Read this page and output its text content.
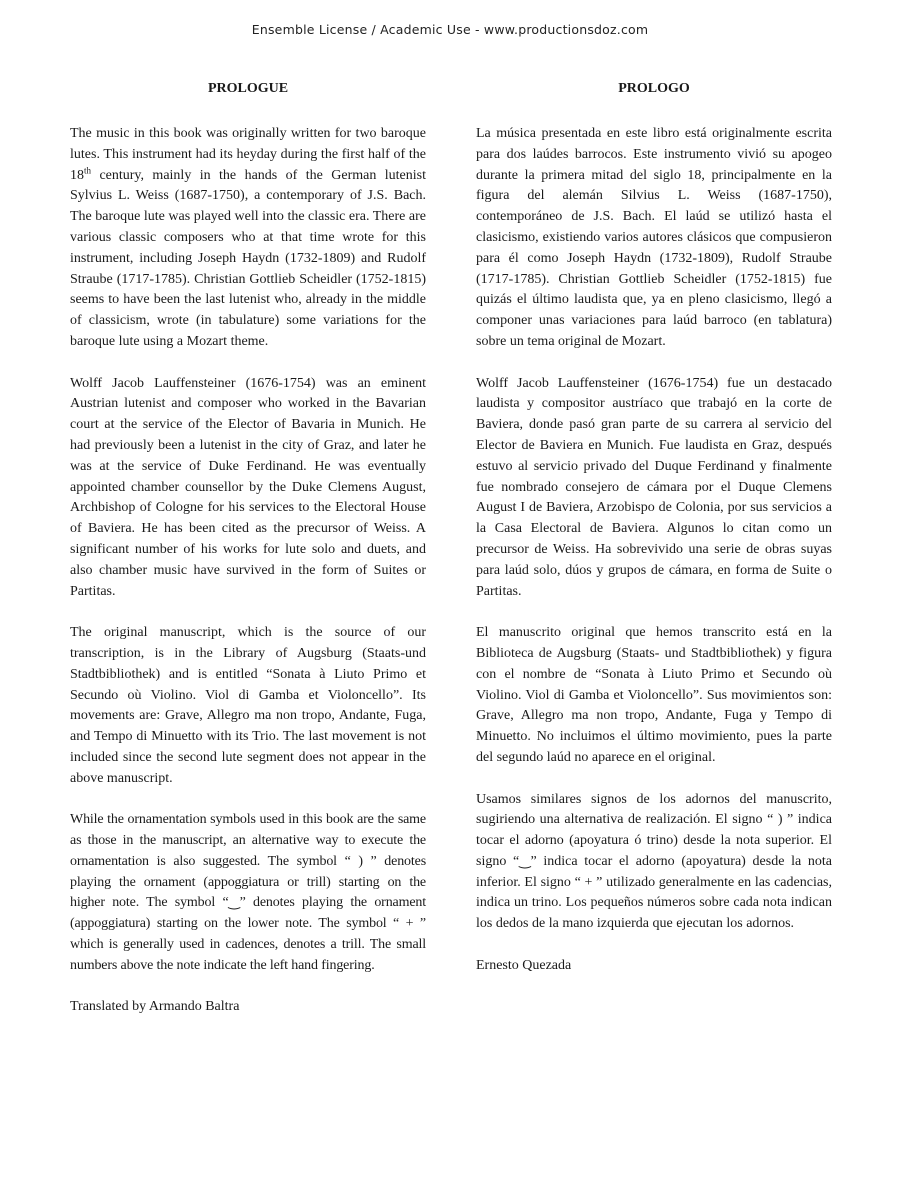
Ensemble License / Academic Use - www.productionsdoz.com
PROLOGUE

The music in this book was originally written for two baroque lutes. This instrument had its heyday during the first half of the 18th century, mainly in the hands of the German lutenist Sylvius L. Weiss (1687-1750), a contemporary of J.S. Bach. The baroque lute was played well into the classic era. There are various classic composers who at that time wrote for this instrument, including Joseph Haydn (1732-1809) and Rudolf Straube (1717-1785). Christian Gottlieb Scheidler (1752-1815) seems to have been the last lutenist who, already in the middle of classicism, wrote (in tabulature) some variations for the baroque lute using a Mozart theme.

Wolff Jacob Lauffensteiner (1676-1754) was an eminent Austrian lutenist and composer who worked in the Bavarian court at the service of the Elector of Bavaria in Munich. He had previously been a lutenist in the city of Graz, and later he was at the service of Duke Ferdinand. He was eventually appointed chamber counsellor by the Duke Clemens August, Archbishop of Cologne for his services to the Electoral House of Baviera. He has been cited as the precursor of Weiss. A significant number of his works for lute solo and duets, and also chamber music have survived in the form of Suites or Partitas.

The original manuscript, which is the source of our transcription, is in the Library of Augsburg (Staats-und Stadtbibliothek) and is entitled “Sonata à Liuto Primo et Secundo où Violino. Viol di Gamba et Violoncello”. Its movements are: Grave, Allegro ma non tropo, Andante, Fuga, and Tempo di Minuetto with its Trio. The last movement is not included since the second lute segment does not appear in the above manuscript.

While the ornamentation symbols used in this book are the same as those in the manuscript, an alternative way to execute the ornamentation is also suggested. The symbol “ ) ” denotes playing the ornament (appoggiatura or trill) starting on the higher note. The symbol “‿” denotes playing the ornament (appoggiatura) starting on the lower note. The symbol “ + ” which is generally used in cadences, denotes a trill. The small numbers above the note indicate the left hand fingering.

Translated by Armando Baltra

PROLOGO

La música presentada en este libro está originalmente escrita para dos laúdes barrocos. Este instrumento vivió su apogeo durante la primera mitad del siglo 18, principalmente en la figura del alemán Silvius L. Weiss (1687-1750), contemporáneo de J.S. Bach. El laúd se utilizó hasta el clasicismo, existiendo varios autores clásicos que compusieron para él como Joseph Haydn (1732-1809), Rudolf Straube (1717-1785). Christian Gottlieb Scheidler (1752-1815) fue quizás el último laudista que, ya en pleno clasicismo, llegó a componer unas variaciones para laúd barroco (en tablatura) sobre un tema original de Mozart.

Wolff Jacob Lauffensteiner (1676-1754) fue un destacado laudista y compositor austríaco que trabajó en la corte de Baviera, donde pasó gran parte de su carrera al servicio del Elector de Baviera en Munich. Fue laudista en Graz, después estuvo al servicio privado del Duque Ferdinand y finalmente fue nombrado consejero de cámara por el Duque Clemens August I de Baviera, Arzobispo de Colonia, por sus servicios a la Casa Electoral de Baviera. Algunos lo citan como un precursor de Weiss. Ha sobrevivido una serie de obras suyas para laúd solo, dúos y grupos de cámara, en forma de Suite o Partitas.

El manuscrito original que hemos transcrito está en la Biblioteca de Augsburg (Staats- und Stadtbibliothek) y figura con el nombre de “Sonata à Liuto Primo et Secundo où Violino. Viol di Gamba et Violoncello”. Sus movimientos son: Grave, Allegro ma non tropo, Andante, Fuga y Tempo di Minuetto. No incluimos el último movimiento, pues la parte del segundo laúd no aparece en el original.

Usamos similares signos de los adornos del manuscrito, sugiriendo una alternativa de realización. El signo “ ) ” indica tocar el adorno (apoyatura ó trino) desde la nota superior. El signo “‿” indica tocar el adorno (apoyatura) desde la nota inferior. El signo “ + ” utilizado generalmente en las cadencias, indica un trino. Los pequeños números sobre cada nota indican los dedos de la mano izquierda que ejecutan los adornos.

Ernesto Quezada
